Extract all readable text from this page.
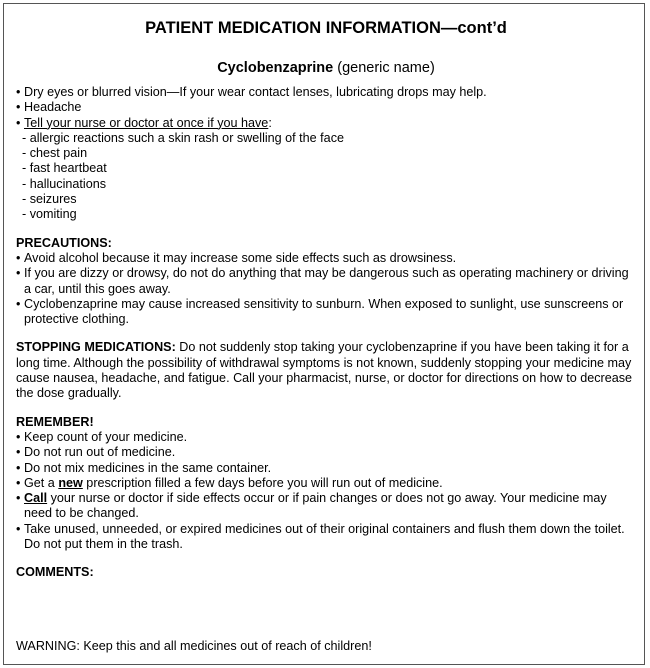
PATIENT MEDICATION INFORMATION—cont’d
Cyclobenzaprine (generic name)
• Dry eyes or blurred vision—If your wear contact lenses, lubricating drops may help.
• Headache
• Tell your nurse or doctor at once if you have:
- allergic reactions such a skin rash or swelling of the face
- chest pain
- fast heartbeat
- hallucinations
- seizures
- vomiting
PRECAUTIONS:
• Avoid alcohol because it may increase some side effects such as drowsiness.
• If you are dizzy or drowsy, do not do anything that may be dangerous such as operating machinery or driving a car, until this goes away.
• Cyclobenzaprine may cause increased sensitivity to sunburn. When exposed to sunlight, use sunscreens or protective clothing.

STOPPING MEDICATIONS: Do not suddenly stop taking your cyclobenzaprine if you have been taking it for a long time. Although the possibility of withdrawal symptoms is not known, suddenly stopping your medicine may cause nausea, headache, and fatigue. Call your pharmacist, nurse, or doctor for directions on how to decrease the dose gradually.

REMEMBER!
• Keep count of your medicine.
• Do not run out of medicine.
• Do not mix medicines in the same container.
• Get a new prescription filled a few days before you will run out of medicine.
• Call your nurse or doctor if side effects occur or if pain changes or does not go away. Your medicine may need to be changed.
• Take unused, unneeded, or expired medicines out of their original containers and flush them down the toilet. Do not put them in the trash.
COMMENTS:
WARNING: Keep this and all medicines out of reach of children!
